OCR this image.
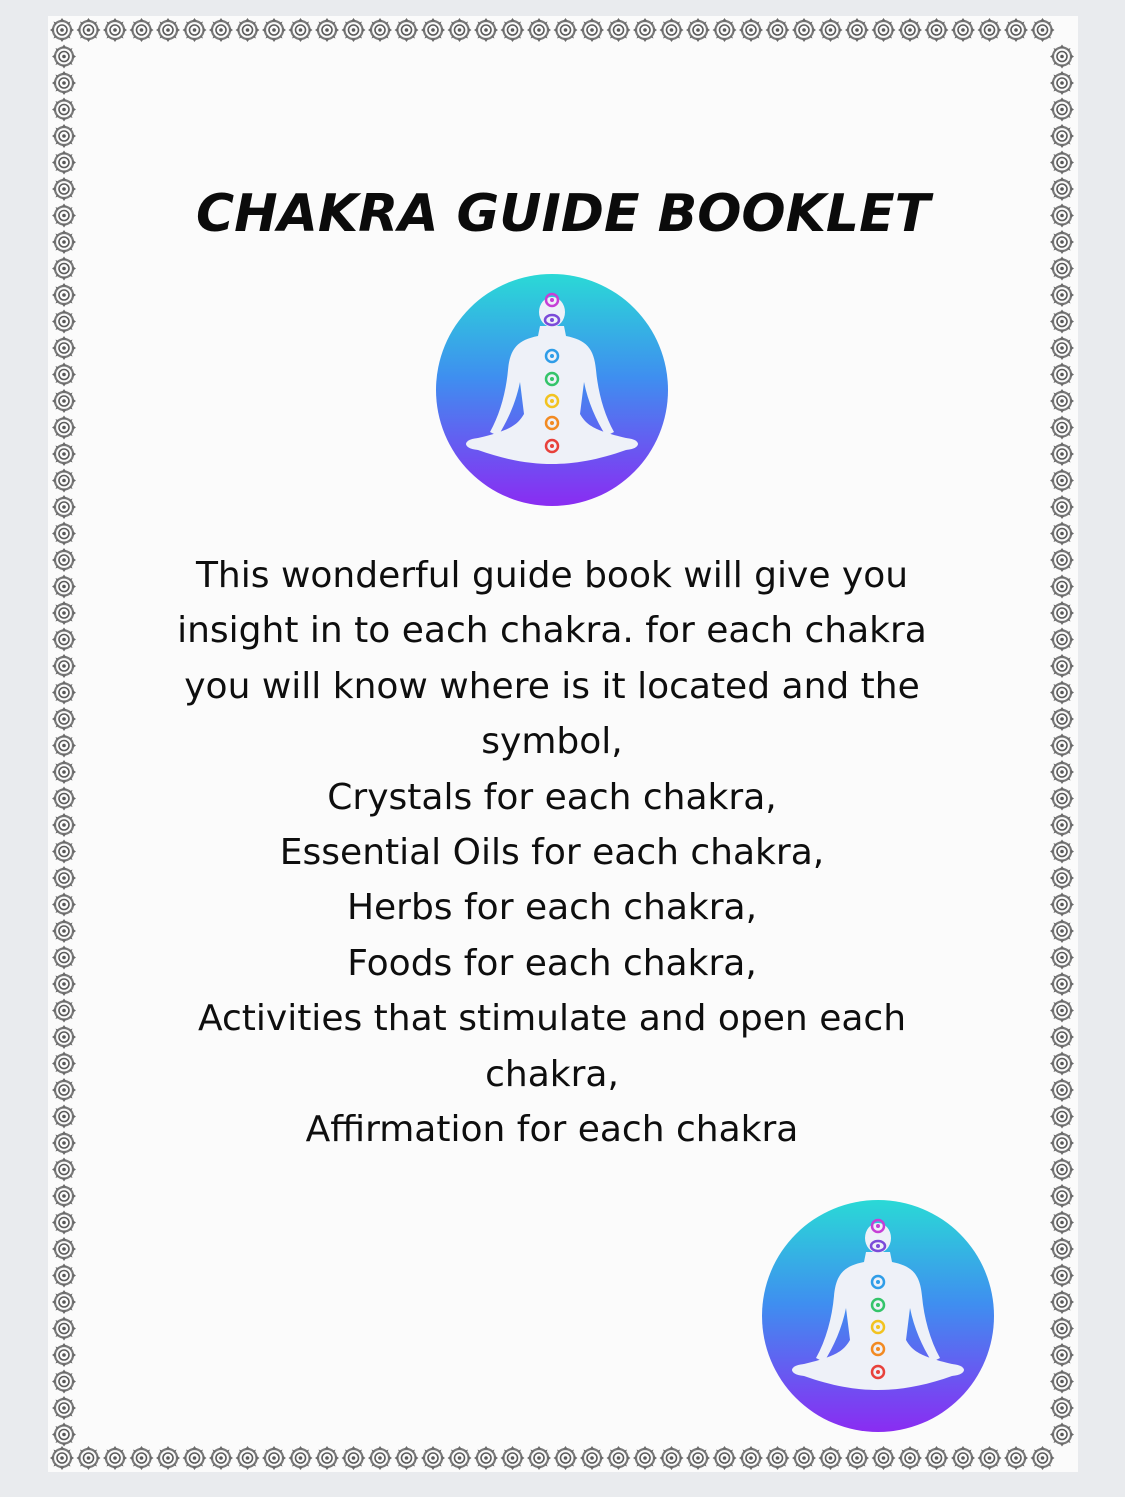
CHAKRA GUIDE BOOKLET
This wonderful guide book will give you
insight in to each chakra. for each chakra
you will know where is it located and the
symbol,
Crystals for each chakra,
Essential Oils for each chakra,
Herbs for each chakra,
Foods for each chakra,
Activities that stimulate and open each
chakra,
Affirmation for each chakra
